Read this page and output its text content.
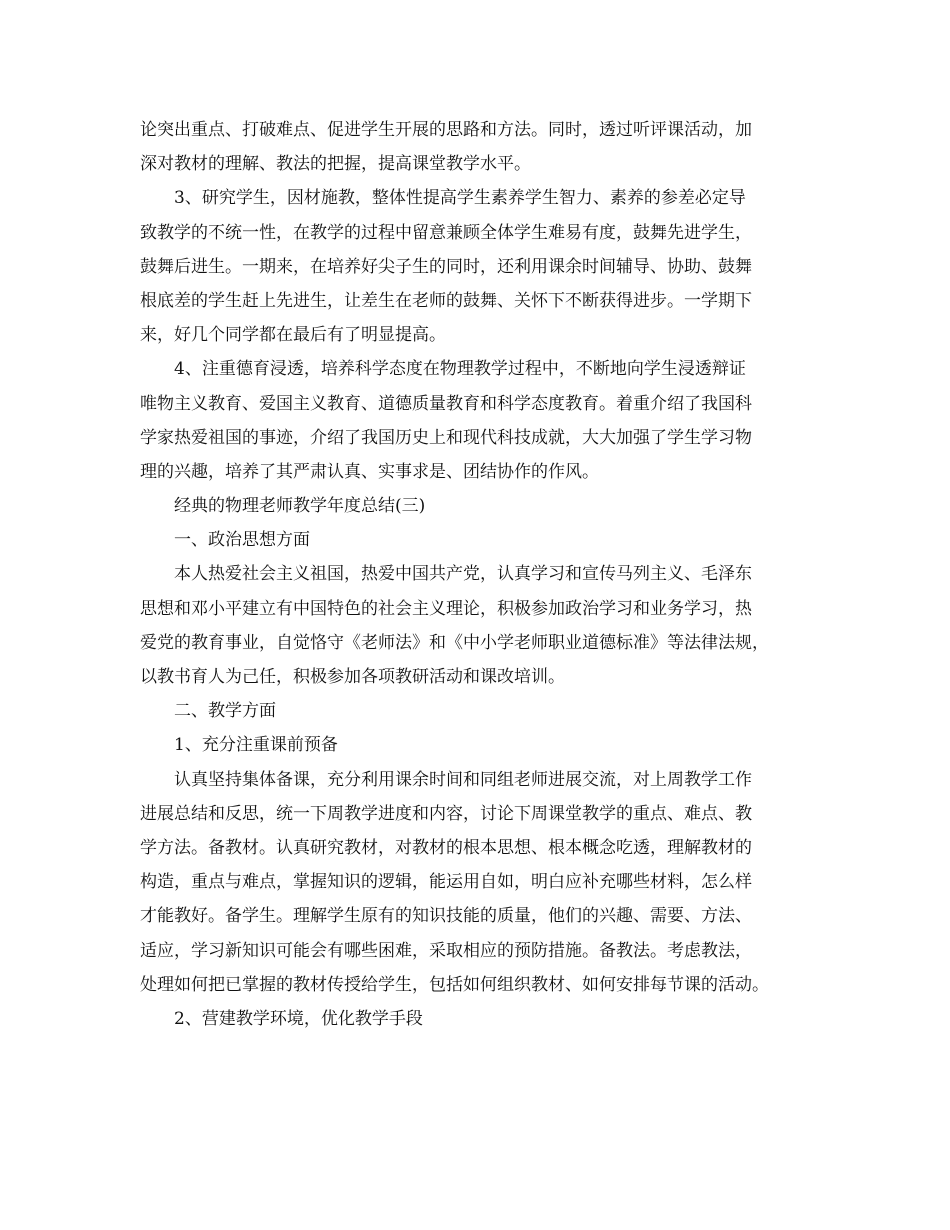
论突出重点、打破难点、促进学生开展的思路和方法。同时，透过听评课活动，加
深对教材的理解、教法的把握，提高课堂教学水平。
3、研究学生，因材施教，整体性提高学生素养学生智力、素养的参差必定导
致教学的不统一性，在教学的过程中留意兼顾全体学生难易有度，鼓舞先进学生，
鼓舞后进生。一期来，在培养好尖子生的同时，还利用课余时间辅导、协助、鼓舞
根底差的学生赶上先进生，让差生在老师的鼓舞、关怀下不断获得进步。一学期下
来，好几个同学都在最后有了明显提高。
4、注重德育浸透，培养科学态度在物理教学过程中，不断地向学生浸透辩证
唯物主义教育、爱国主义教育、道德质量教育和科学态度教育。着重介绍了我国科
学家热爱祖国的事迹，介绍了我国历史上和现代科技成就，大大加强了学生学习物
理的兴趣，培养了其严肃认真、实事求是、团结协作的作风。
经典的物理老师教学年度总结(三)
一、政治思想方面
本人热爱社会主义祖国，热爱中国共产党，认真学习和宣传马列主义、毛泽东
思想和邓小平建立有中国特色的社会主义理论，积极参加政治学习和业务学习，热
爱党的教育事业，自觉恪守《老师法》和《中小学老师职业道德标准》等法律法规，
以教书育人为己任，积极参加各项教研活动和课改培训。
二、教学方面
1、充分注重课前预备
认真坚持集体备课，充分利用课余时间和同组老师进展交流，对上周教学工作
进展总结和反思，统一下周教学进度和内容，讨论下周课堂教学的重点、难点、教
学方法。备教材。认真研究教材，对教材的根本思想、根本概念吃透，理解教材的
构造，重点与难点，掌握知识的逻辑，能运用自如，明白应补充哪些材料，怎么样
才能教好。备学生。理解学生原有的知识技能的质量，他们的兴趣、需要、方法、
适应，学习新知识可能会有哪些困难，采取相应的预防措施。备教法。考虑教法，
处理如何把已掌握的教材传授给学生，包括如何组织教材、如何安排每节课的活动。
2、营建教学环境，优化教学手段
